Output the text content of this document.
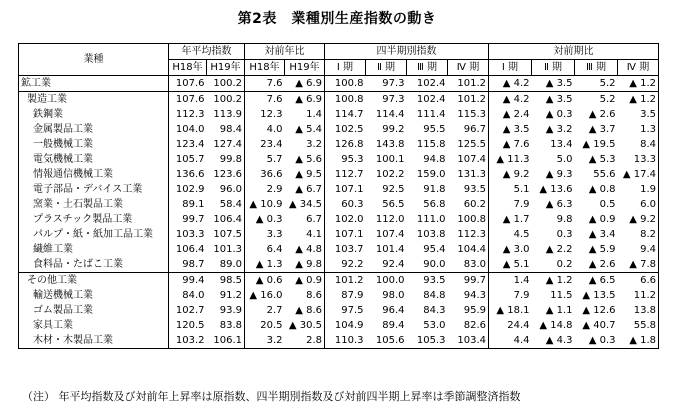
第2表　業種別生産指数の動き
業種	年平均指数		対前年比		四半期別指数				対前期比			
	H18年	H19年	H18年	H19年	Ⅰ 期	Ⅱ 期	Ⅲ 期	Ⅳ 期	Ⅰ 期	Ⅱ 期	Ⅲ 期	Ⅳ 期
鉱工業	107.6	100.2	7.6	▲ 6.9	100.8	97.3	102.4	101.2	▲ 4.2	▲ 3.5	5.2	▲ 1.2
製造工業	107.6	100.2	7.6	▲ 6.9	100.8	97.3	102.4	101.2	▲ 4.2	▲ 3.5	5.2	▲ 1.2
鉄鋼業	112.3	113.9	12.3	1.4	114.7	114.4	111.4	115.3	▲ 2.4	▲ 0.3	▲ 2.6	3.5
金属製品工業	104.0	98.4	4.0	▲ 5.4	102.5	99.2	95.5	96.7	▲ 3.5	▲ 3.2	▲ 3.7	1.3
一般機械工業	123.4	127.4	23.4	3.2	126.8	143.8	115.8	125.5	▲ 7.6	13.4	▲ 19.5	8.4
電気機械工業	105.7	99.8	5.7	▲ 5.6	95.3	100.1	94.8	107.4	▲ 11.3	5.0	▲ 5.3	13.3
情報通信機械工業	136.6	123.6	36.6	▲ 9.5	112.7	102.2	159.0	131.3	▲ 9.2	▲ 9.3	55.6	▲ 17.4
電子部品・デバイス工業	102.9	96.0	2.9	▲ 6.7	107.1	92.5	91.8	93.5	5.1	▲ 13.6	▲ 0.8	1.9
窯業・土石製品工業	89.1	58.4	▲ 10.9	▲ 34.5	60.3	56.5	56.8	60.2	7.9	▲ 6.3	0.5	6.0
プラスチック製品工業	99.7	106.4	▲ 0.3	6.7	102.0	112.0	111.0	100.8	▲ 1.7	9.8	▲ 0.9	▲ 9.2
パルプ・紙・紙加工品工業	103.3	107.5	3.3	4.1	107.1	107.4	103.8	112.3	4.5	0.3	▲ 3.4	8.2
繊維工業	106.4	101.3	6.4	▲ 4.8	103.7	101.4	95.4	104.4	▲ 3.0	▲ 2.2	▲ 5.9	9.4
食料品・たばこ工業	98.7	89.0	▲ 1.3	▲ 9.8	92.2	92.4	90.0	83.0	▲ 5.1	0.2	▲ 2.6	▲ 7.8
その他工業	99.4	98.5	▲ 0.6	▲ 0.9	101.2	100.0	93.5	99.7	1.4	▲ 1.2	▲ 6.5	6.6
輸送機械工業	84.0	91.2	▲ 16.0	8.6	87.9	98.0	84.8	94.3	7.9	11.5	▲ 13.5	11.2
ゴム製品工業	102.7	93.9	2.7	▲ 8.6	97.5	96.4	84.3	95.9	▲ 18.1	▲ 1.1	▲ 12.6	13.8
家具工業	120.5	83.8	20.5	▲ 30.5	104.9	89.4	53.0	82.6	24.4	▲ 14.8	▲ 40.7	55.8
木材・木製品工業	103.2	106.1	3.2	2.8	110.3	105.6	105.3	103.4	4.4	▲ 4.3	▲ 0.3	▲ 1.8
（注） 年平均指数及び対前年上昇率は原指数、四半期別指数及び対前四半期上昇率は季節調整済指数
